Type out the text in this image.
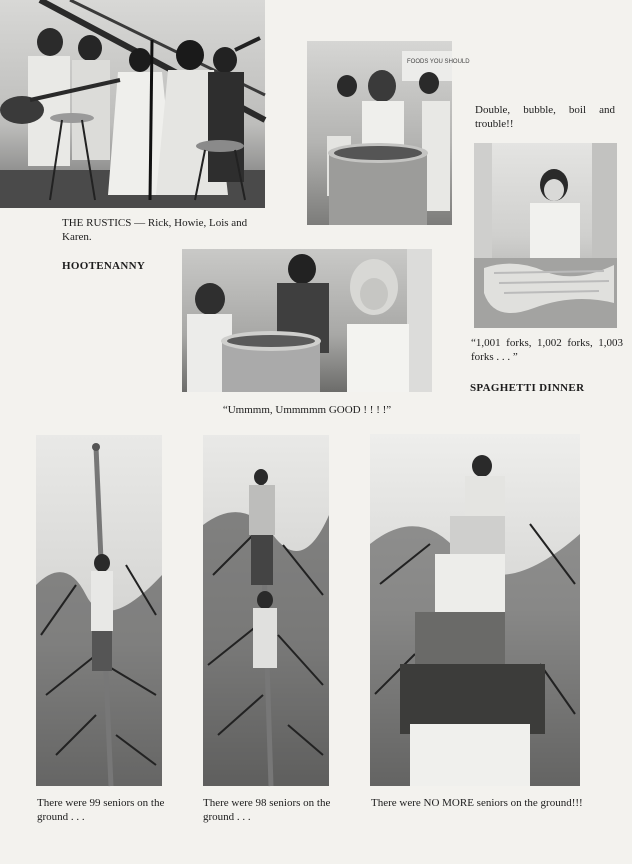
THE RUSTICS — Rick, Howie, Lois and Karen.
HOOTENANNY
FOODS YOU SHOULD
Double, bubble, boil and trouble!!
“1,001 forks, 1,002 forks, 1,003 forks . . . ”
SPAGHETTI DINNER
“Ummmm, Ummmmm GOOD ! ! ! !”
There were 99 seniors on the ground . . .
There were 98 seniors on the ground . . .
There were NO MORE seniors on the ground!!!
